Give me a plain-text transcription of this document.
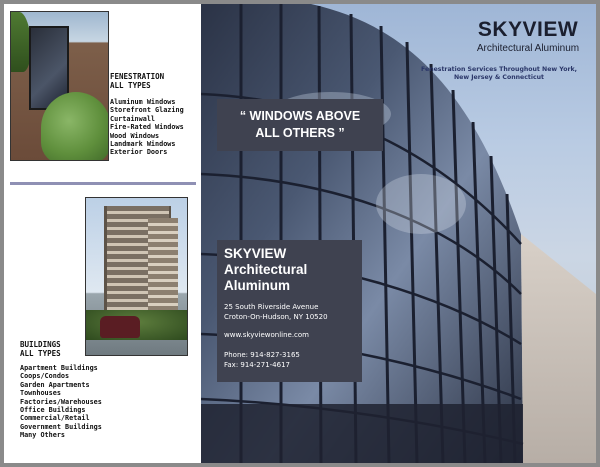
FENESTRATION
ALL TYPES
Aluminum Windows
Storefront Glazing
Curtainwall
Fire-Rated Windows
Wood Windows
Landmark Windows
Exterior Doors
BUILDINGS
ALL TYPES
Apartment Buildings
Coops/Condos
Garden Apartments
Townhouses
Factories/Warehouses
Office Buildings
Commercial/Retail
Government Buildings
Many Others
SKYVIEW
Architectural Aluminum
Fenestration Services Throughout New York,
New Jersey & Connecticut
“ WINDOWS ABOVE
ALL OTHERS ”
SKYVIEW
Architectural
Aluminum
25 South Riverside Avenue
Croton-On-Hudson, NY 10520
www.skyviewonline.com
Phone: 914-827-3165
Fax: 914-271-4617
